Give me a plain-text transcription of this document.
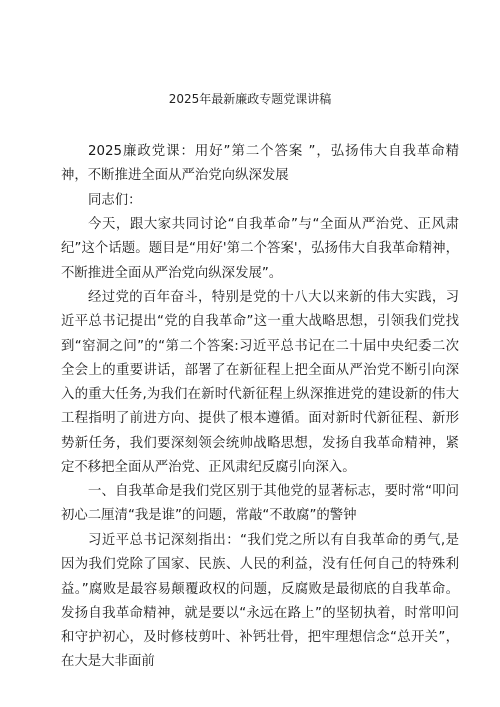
2025年最新廉政专题党课讲稿
2025廉政党课：用好”第二个答案 ”，弘扬伟大自我革命精神，不断推进全面从严治党向纵深发展
同志们：
今天，跟大家共同讨论“自我革命”与“全面从严治党、正风肃纪”这个话题。题目是“用好'第二个答案'，弘扬伟大自我革命精神，不断推进全面从严治党向纵深发展”。
经过党的百年奋斗，特别是党的十八大以来新的伟大实践，习近平总书记提出“党的自我革命”这一重大战略思想，引领我们党找到“窑洞之问”的“第二个答案:习近平总书记在二十届中央纪委二次全会上的重要讲话，部署了在新征程上把全面从严治党不断引向深入的重大任务,为我们在新时代新征程上纵深推进党的建设新的伟大工程指明了前进方向、提供了根本遵循。面对新时代新征程、新形势新任务，我们要深刻领会统帅战略思想，发扬自我革命精神，紧定不移把全面从严治党、正风肃纪反腐引向深入。
一、自我革命是我们党区别于其他党的显著标志，要时常“叩问初心二厘清“我是谁”的问题，常敲“不敢腐”的警钟
习近平总书记深刻指出：“我们党之所以有自我革命的勇气,是因为我们党除了国家、民族、人民的利益，没有任何自己的特殊利益。”腐败是最容易颠覆政权的问题，反腐败是最彻底的自我革命。发扬自我革命精神，就是要以“永远在路上”的坚韧执着，时常叩问和守护初心，及时修枝剪叶、补钙壮骨，把牢理想信念“总开关”，在大是大非面前
